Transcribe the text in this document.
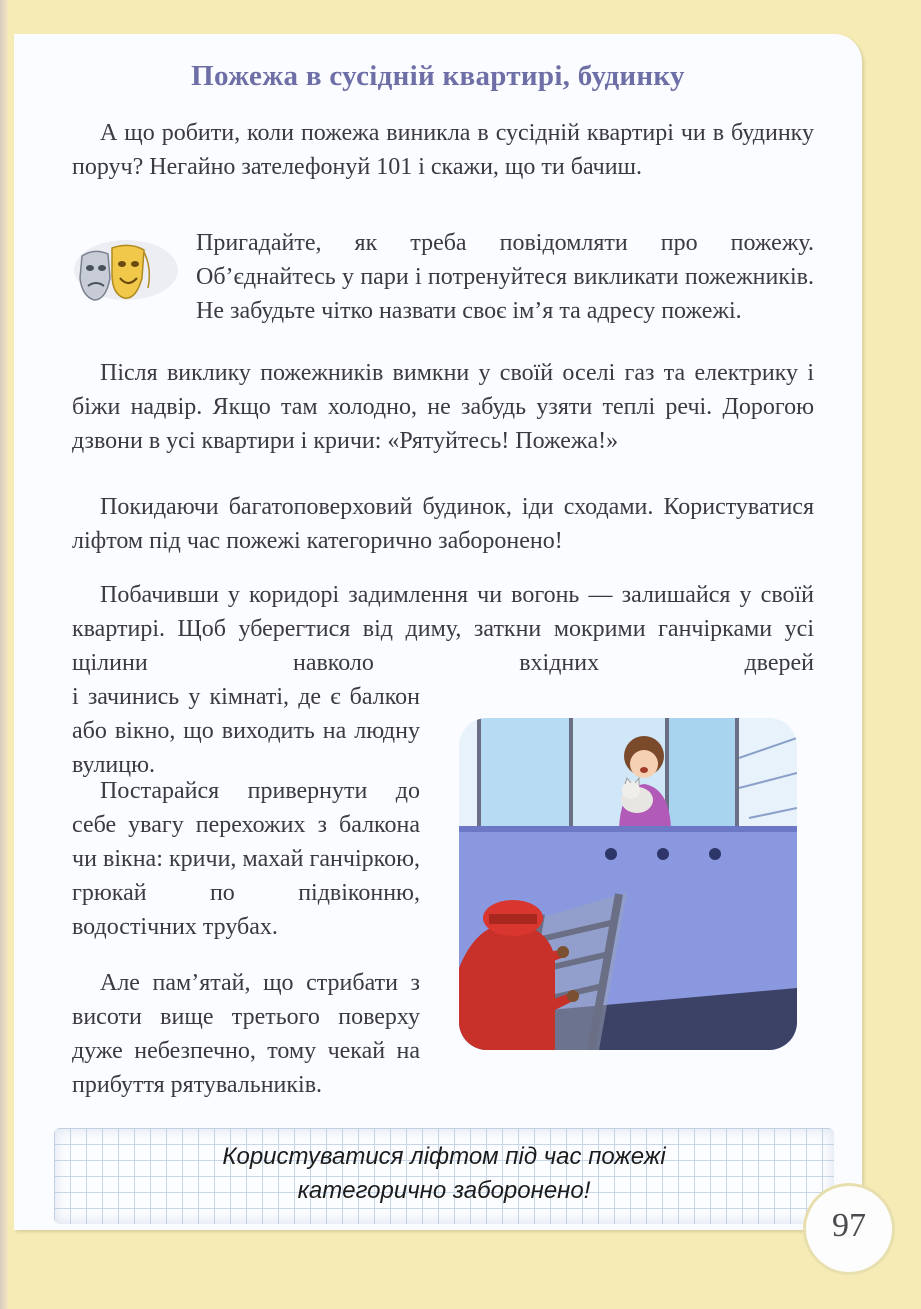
Пожежа в сусідній квартирі, будинку

А що робити, коли пожежа виникла в сусідній квартирі чи в будинку поруч? Негайно зателефонуй 101 і скажи, що ти бачиш.

Пригадайте, як треба повідомляти про пожежу. Об’єднайтесь у пари і потренуйтеся викликати пожежників. Не забудьте чітко назвати своє ім’я та адресу пожежі.

Після виклику пожежників вимкни у своїй оселі газ та електрику і біжи надвір. Якщо там холодно, не забудь узяти теплі речі. Дорогою дзвони в усі квартири і кричи: «Рятуйтесь! Пожежа!»

Покидаючи багатоповерховий будинок, іди сходами. Користуватися ліфтом під час пожежі категорично заборонено!

Побачивши у коридорі задимлення чи вогонь — залишайся у своїй квартирі. Щоб уберегтися від диму, заткни мокрими ганчірками усі щілини навколо вхідних дверей

і зачинись у кімнаті, де є балкон або вікно, що виходить на людну вулицю.

Постарайся привернути до себе увагу перехожих з балкона чи вікна: кричи, махай ганчіркою, грюкай по підвіконню, водостічних трубах.

Але пам’ятай, що стрибати з висоти вище третього поверху дуже небезпечно, тому чекай на прибуття рятувальників.

Користуватися ліфтом під час пожежі
категорично заборонено!

97
